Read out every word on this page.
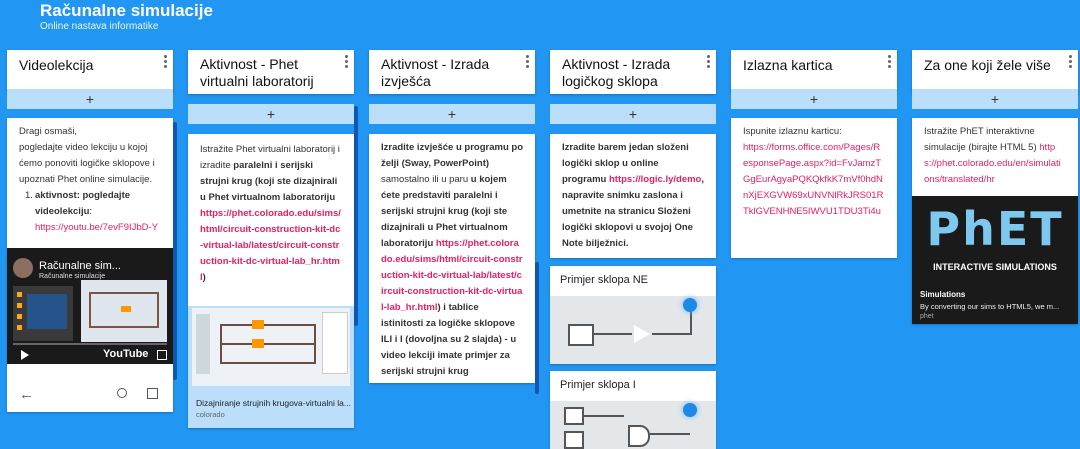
Računalne simulacije
Online nastava informatike
Videolekcija
+
Dragi osmaši,
pogledajte video lekciju u kojoj ćemo ponoviti logičke sklopove i upoznati Phet online simulacije.
1. aktivnost: pogledajte videolekciju:
https://youtu.be/7evF9IJbD-Y
Računalne sim...
Računalne simulacije
YouTube
←
Aktivnost - Phet virtualni laboratorij
+
Istražite Phet virtualni laboratorij i izradite paralelni i serijski strujni krug (koji ste dizajnirali u Phet virtualnom laboratoriju https://phet.colorado.edu/sims/html/circuit-construction-kit-dc-virtual-lab/latest/circuit-construction-kit-dc-virtual-lab_hr.html)
Dizajniranje strujnih krugova-virtualni la...
colorado
Aktivnost - Izrada izvješća
+
Izradite izvješće u programu po želji (Sway, PowerPoint) samostalno ili u paru u kojem ćete predstaviti paralelni i serijski strujni krug (koji ste dizajnirali u Phet virtualnom laboratoriju https://phet.colorado.edu/sims/html/circuit-construction-kit-dc-virtual-lab/latest/circuit-construction-kit-dc-virtual-lab_hr.html) i tablice istinitosti za logičke sklopove ILI i I (dovoljna su 2 slajda) - u video lekciji imate primjer za serijski strujni krug
Aktivnost - Izrada logičkog sklopa
+
Izradite barem jedan složeni logički sklop u online programu https://logic.ly/demo, napravite snimku zaslona i umetnite na stranicu Složeni logički sklopovi u svojoj One Note bilježnici.
Primjer sklopa NE
Primjer sklopa I
Izlazna kartica
+
Ispunite izlaznu karticu:
https://forms.office.com/Pages/ResponsePage.aspx?id=FvJamzTGgEurAgyaPQKQkfkK7mVf0hdNnXjEXGVW69xUNVNlRkJRS01RTklGVENHNE5IWVU1TDU3Ti4u
Za one koji žele više
+
Istražite PhET interaktivne simulacije (birajte HTML 5) https://phet.colorado.edu/en/simulations/translated/hr
PhET
INTERACTIVE SIMULATIONS
Simulations
By converting our sims to HTML5, we m...
phet
